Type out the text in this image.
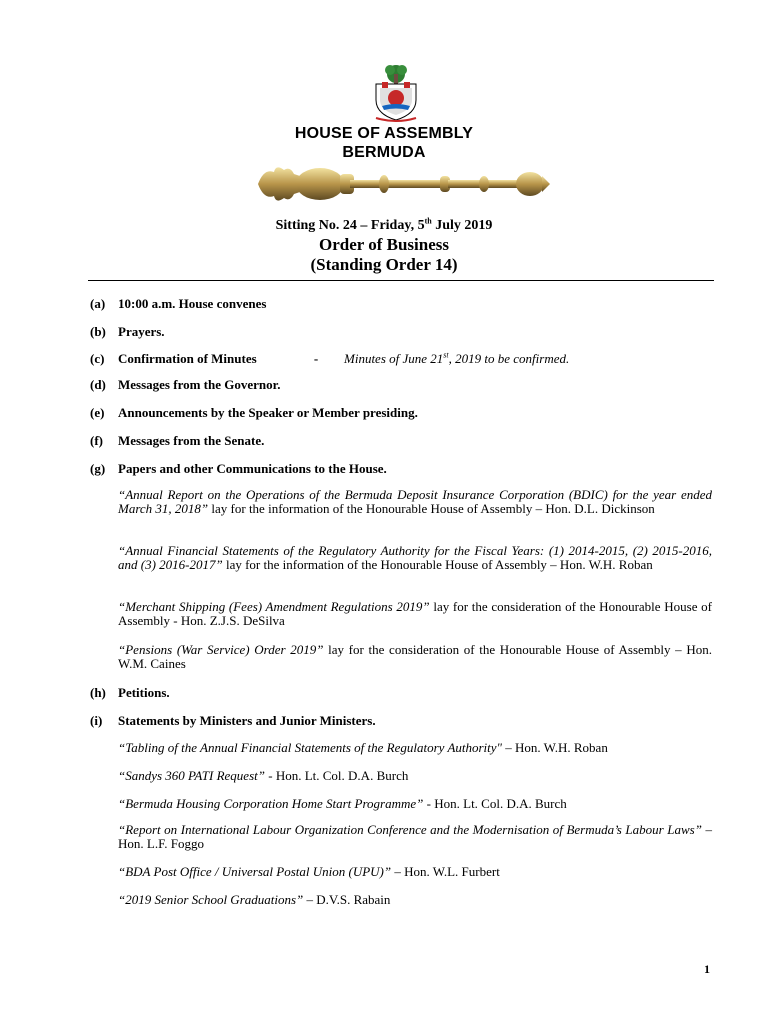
HOUSE OF ASSEMBLY
BERMUDA
Sitting No. 24 – Friday, 5th July 2019
Order of Business
(Standing Order 14)
(a) 10:00 a.m. House convenes
(b) Prayers.
(c) Confirmation of Minutes	- Minutes of June 21st, 2019 to be confirmed.
(d) Messages from the Governor.
(e) Announcements by the Speaker or Member presiding.
(f) Messages from the Senate.
(g) Papers and other Communications to the House.
“Annual Report on the Operations of the Bermuda Deposit Insurance Corporation (BDIC) for the year ended March 31, 2018” lay for the information of the Honourable House of Assembly – Hon. D.L. Dickinson
“Annual Financial Statements of the Regulatory Authority for the Fiscal Years: (1) 2014-2015, (2) 2015-2016, and (3) 2016-2017” lay for the information of the Honourable House of Assembly – Hon. W.H. Roban
“Merchant Shipping (Fees) Amendment Regulations 2019” lay for the consideration of the Honourable House of Assembly - Hon. Z.J.S. DeSilva
“Pensions (War Service) Order 2019” lay for the consideration of the Honourable House of Assembly – Hon. W.M. Caines
(h) Petitions.
(i) Statements by Ministers and Junior Ministers.
“Tabling of the Annual Financial Statements of the Regulatory Authority" – Hon. W.H. Roban
“Sandys 360 PATI Request” - Hon. Lt. Col. D.A. Burch
“Bermuda Housing Corporation Home Start Programme” - Hon. Lt. Col. D.A. Burch
“Report on International Labour Organization Conference and the Modernisation of Bermuda’s Labour Laws” – Hon. L.F. Foggo
“BDA Post Office / Universal Postal Union (UPU)” – Hon. W.L. Furbert
“2019 Senior School Graduations” – D.V.S. Rabain
1
